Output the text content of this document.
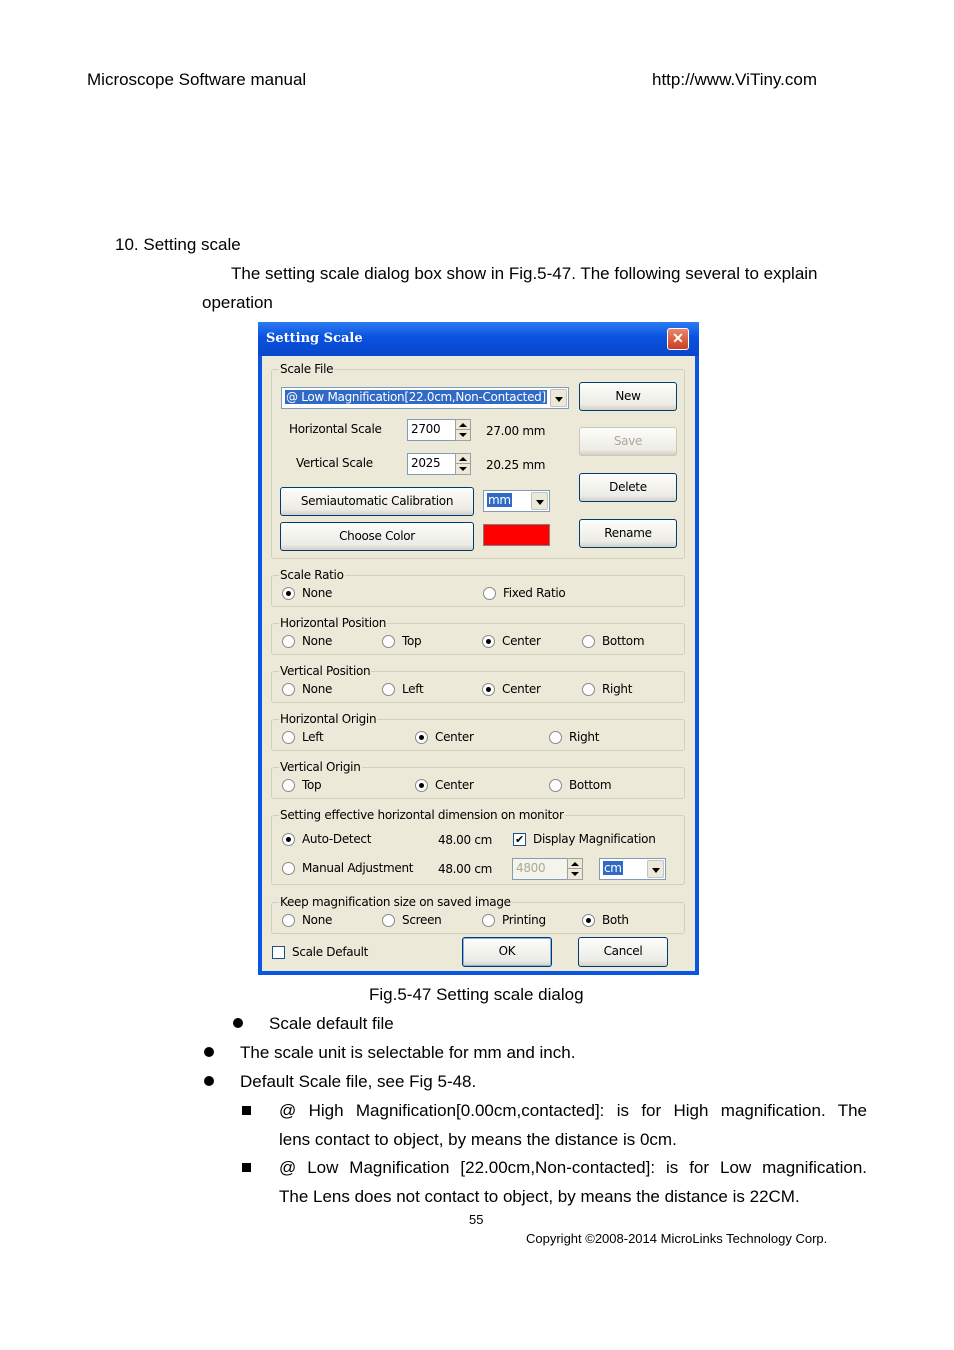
Microscope Software manual	http://www.ViTiny.com
10. Setting scale
The setting scale dialog box show in Fig.5-47. The following several to explain
operation
Setting Scale	✕
Scale File
@ Low Magnification[22.0cm,Non-Contacted]
Horizontal Scale	2700	27.00 mm
Vertical Scale	2025	20.25 mm
Semiautomatic Calibration	mm
Choose Color
New
Save
Delete
Rename
Scale Ratio
None	Fixed Ratio
Horizontal Position
None	Top	Center	Bottom
Vertical Position
None	Left	Center	Right
Horizontal Origin
Left	Center	Right
Vertical Origin
Top	Center	Bottom
Setting effective horizontal dimension on monitor
Auto-Detect	48.00 cm ✔ Display Magnification
Manual Adjustment 48.00 cm	4800	cm
Keep magnification size on saved image
None	Screen	Printing	Both
Scale Default	OK	Cancel
Fig.5-47 Setting scale dialog
Scale default file
The scale unit is selectable for mm and inch.
Default Scale file, see Fig 5-48.
@ High Magnification[0.00cm,contacted]: is for High magnification. The
lens contact to object, by means the distance is 0cm.
@ Low Magnification [22.00cm,Non-contacted]: is for Low magnification.
The Lens does not contact to object, by means the distance is 22CM.
55
Copyright ©2008-2014 MicroLinks Technology Corp.
